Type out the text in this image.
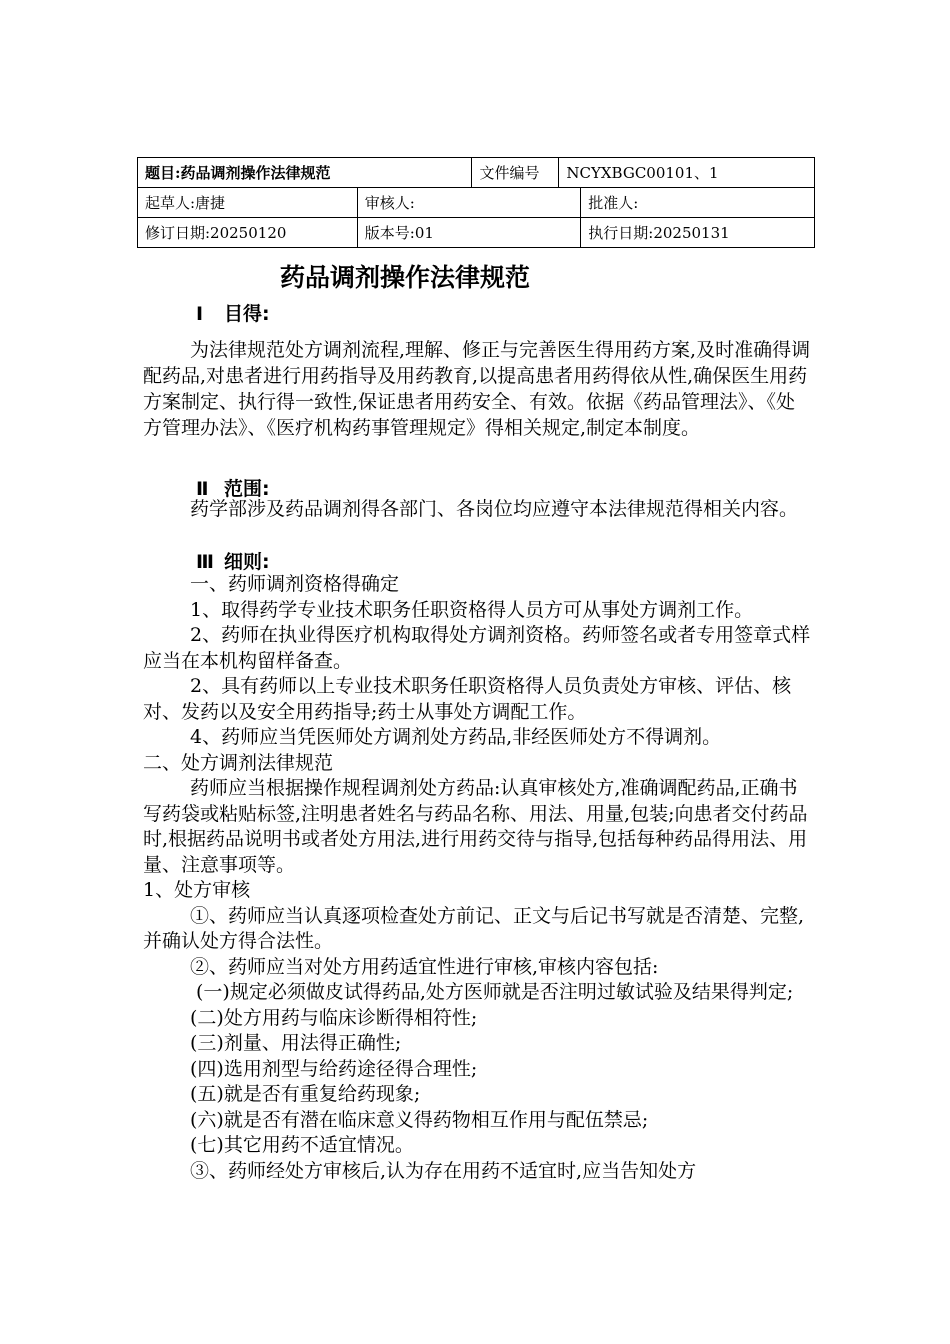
题目:药品调剂操作法律规范		文件编号	NCYXBGC00101、1	
起草人:唐捷	审核人:			批准人:
修订日期:20250120	版本号:01			执行日期:20250131
药品调剂操作法律规范
Ⅰ 目得:

为法律规范处方调剂流程,理解、修正与完善医生得用药方案,及时准确得调配药品,对患者进行用药指导及用药教育,以提高患者用药得依从性,确保医生用药方案制定、执行得一致性,保证患者用药安全、有效。依据《药品管理法》、《处方管理办法》、《医疗机构药事管理规定》得相关规定,制定本制度。

Ⅱ 范围:

药学部涉及药品调剂得各部门、各岗位均应遵守本法律规范得相关内容。

Ⅲ 细则:

一、药师调剂资格得确定

1、取得药学专业技术职务任职资格得人员方可从事处方调剂工作。

2、药师在执业得医疗机构取得处方调剂资格。药师签名或者专用签章式样应当在本机构留样备查。

2、具有药师以上专业技术职务任职资格得人员负责处方审核、评估、核对、发药以及安全用药指导;药士从事处方调配工作。

4、药师应当凭医师处方调剂处方药品,非经医师处方不得调剂。

二、处方调剂法律规范

药师应当根据操作规程调剂处方药品:认真审核处方,准确调配药品,正确书写药袋或粘贴标签,注明患者姓名与药品名称、用法、用量,包装;向患者交付药品时,根据药品说明书或者处方用法,进行用药交待与指导,包括每种药品得用法、用量、注意事项等。

1、处方审核

①、药师应当认真逐项检查处方前记、正文与后记书写就是否清楚、完整,并确认处方得合法性。

②、药师应当对处方用药适宜性进行审核,审核内容包括:

(一)规定必须做皮试得药品,处方医师就是否注明过敏试验及结果得判定;

(二)处方用药与临床诊断得相符性;

(三)剂量、用法得正确性;

(四)选用剂型与给药途径得合理性;

(五)就是否有重复给药现象;

(六)就是否有潜在临床意义得药物相互作用与配伍禁忌;

(七)其它用药不适宜情况。

③、药师经处方审核后,认为存在用药不适宜时,应当告知处方
